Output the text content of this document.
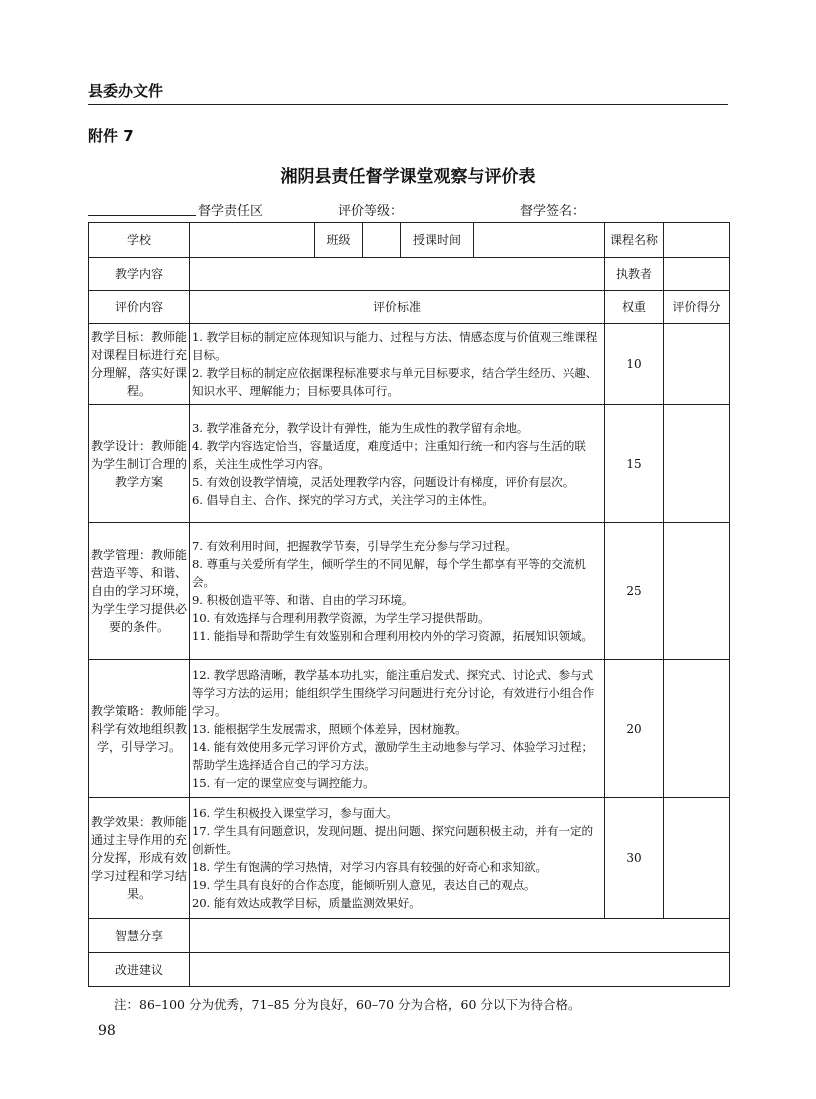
县委办文件
附件 7
湘阴县责任督学课堂观察与评价表
督学责任区	评价等级：	督学签名：
学校		班级		授课时间		课程名称	
教学内容						执教者	
评价内容	评价标准					权重	评价得分
教学目标：教师能对课程目标进行充分理解，落实好课程。	1. 教学目标的制定应体现知识与能力、过程与方法、情感态度与价值观三维课程目标。
2. 教学目标的制定应依据课程标准要求与单元目标要求，结合学生经历、兴趣、知识水平、理解能力；目标要具体可行。					10	
教学设计：教师能为学生制订合理的教学方案	3. 教学准备充分，教学设计有弹性，能为生成性的教学留有余地。
4. 教学内容选定恰当，容量适度，难度适中；注重知行统一和内容与生活的联系，关注生成性学习内容。
5. 有效创设教学情境，灵活处理教学内容，问题设计有梯度，评价有层次。
6. 倡导自主、合作、探究的学习方式，关注学习的主体性。					15	
教学管理：教师能营造平等、和谐、自由的学习环境，为学生学习提供必要的条件。	7. 有效利用时间，把握教学节奏，引导学生充分参与学习过程。
8. 尊重与关爱所有学生，倾听学生的不同见解，每个学生都享有平等的交流机会。
9. 积极创造平等、和谐、自由的学习环境。
10. 有效选择与合理利用教学资源，为学生学习提供帮助。
11. 能指导和帮助学生有效鉴别和合理利用校内外的学习资源，拓展知识领域。					25	
教学策略：教师能科学有效地组织教学，引导学习。	12. 教学思路清晰，教学基本功扎实，能注重启发式、探究式、讨论式、参与式等学习方法的运用；能组织学生围绕学习问题进行充分讨论，有效进行小组合作学习。
13. 能根据学生发展需求，照顾个体差异，因材施教。
14. 能有效使用多元学习评价方式，激励学生主动地参与学习、体验学习过程；帮助学生选择适合自己的学习方法。
15. 有一定的课堂应变与调控能力。					20	
教学效果：教师能通过主导作用的充分发挥，形成有效学习过程和学习结果。	16. 学生积极投入课堂学习，参与面大。
17. 学生具有问题意识，发现问题、提出问题、探究问题积极主动，并有一定的创新性。
18. 学生有饱满的学习热情，对学习内容具有较强的好奇心和求知欲。
19. 学生具有良好的合作态度，能倾听别人意见，表达自己的观点。
20. 能有效达成教学目标，质量监测效果好。					30	
智慧分享							
改进建议							
注：86–100 分为优秀，71–85 分为良好，60–70 分为合格，60 分以下为待合格。
98
